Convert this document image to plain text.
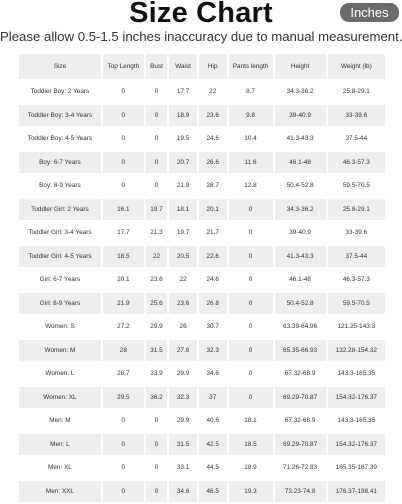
Size Chart	Inches
Please allow 0.5-1.5 inches inaccuracy due to manual measurement.
Size	Top Length	Bust	Waist	Hip	Pants length	Height	Weight (lb)
Toddler Boy: 2 Years	0	0	17.7	22	8.7	34.3-36.2	25.8-29.1
Toddler Boy: 3-4 Years	0	0	18.9	23.6	9.8	39-40.9	33-39.6
Toddler Boy: 4-5 Years	0	0	19.5	24.6	10.4	41.3-43.3	37.5-44
Boy: 6-7 Years	0	0	20.7	26.6	11.6	46.1-48	46.3-57.3
Boy: 8-9 Years	0	0	21.9	28.7	12.8	50.4-52.8	59.5-70.5
Toddler Girl: 2 Years	16.1	19.7	18.1	20.1	0	34.3-36.2	25.8-29.1
Toddler Girl: 3-4 Years	17.7	21.3	19.7	21.7	0	39-40.9	33-39.6
Toddler Girl: 4-5 Years	18.5	22	20.5	22.6	0	41.3-43.3	37.5-44
Girl: 6-7 Years	20.1	23.6	22	24.6	0	46.1-48	46.3-57.3
Girl: 8-9 Years	21.9	25.6	23.6	26.8	0	50.4-52.8	59.5-70.5
Women: S	27.2	29.9	26	30.7	0	63.39-64.96	121.25-143.3
Women: M	28	31.5	27.6	32.3	0	65.35-66.93	132.28-154.32
Women: L	28.7	33.9	29.9	34.6	0	67.32-68.9	143.3-165.35
Women: XL	29.5	36.2	32.3	37	0	69.29-70.87	154.32-176.37
Men: M	0	0	29.9	40.6	18.1	67.32-68.9	143.3-165.35
Men: L	0	0	31.5	42.5	18.5	69.29-70.87	154.32-176.37
Men: XL	0	0	33.1	44.5	18.9	71.26-72.83	165.35-187.39
Men: XXL	0	0	34.6	46.5	19.3	73.23-74.8	176.37-198.41
